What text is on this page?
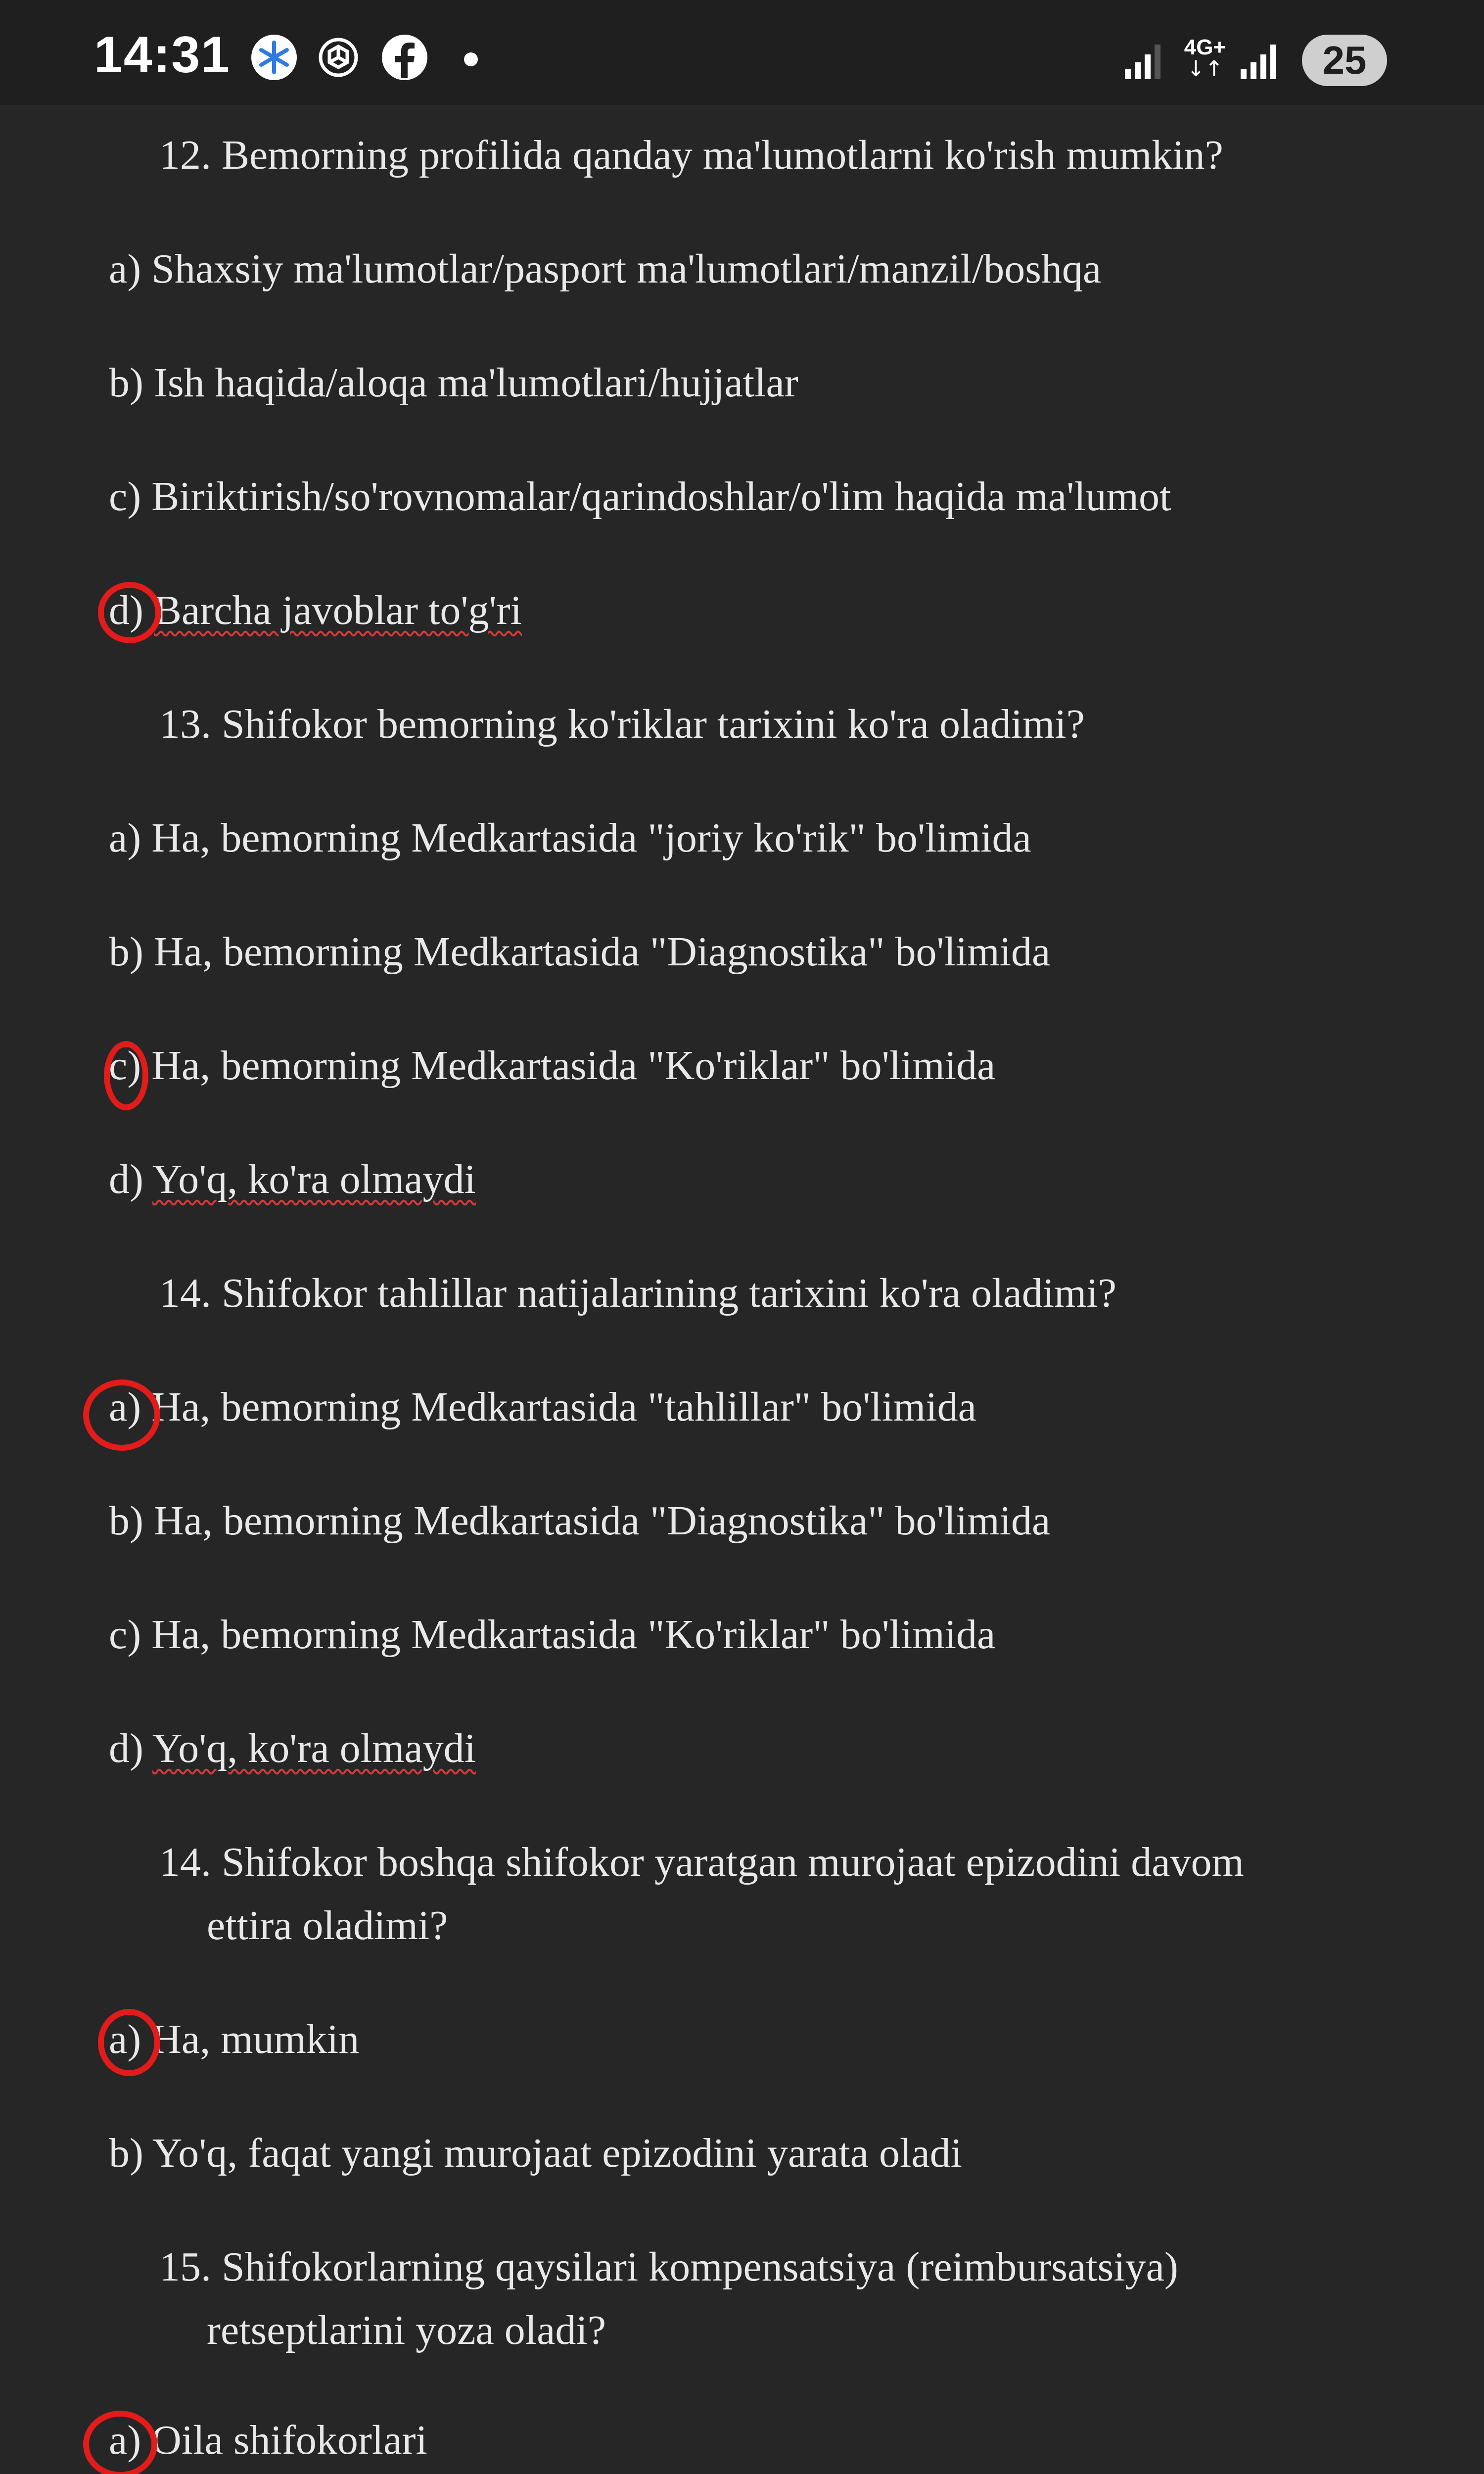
14:31	4G+
↓↑	25
12. Bemorning profilida qanday ma'lumotlarni ko'rish mumkin?
a) Shaxsiy ma'lumotlar/pasport ma'lumotlari/manzil/boshqa
b) Ish haqida/aloqa ma'lumotlari/hujjatlar
c) Biriktirish/so'rovnomalar/qarindoshlar/o'lim haqida ma'lumot
d) Barcha javoblar to'g'ri
13. Shifokor bemorning ko'riklar tarixini ko'ra oladimi?
a) Ha, bemorning Medkartasida "joriy ko'rik" bo'limida
b) Ha, bemorning Medkartasida "Diagnostika" bo'limida
c) Ha, bemorning Medkartasida "Ko'riklar" bo'limida
d) Yo'q, ko'ra olmaydi
14. Shifokor tahlillar natijalarining tarixini ko'ra oladimi?
a) Ha, bemorning Medkartasida "tahlillar" bo'limida
b) Ha, bemorning Medkartasida "Diagnostika" bo'limida
c) Ha, bemorning Medkartasida "Ko'riklar" bo'limida
d) Yo'q, ko'ra olmaydi
14. Shifokor boshqa shifokor yaratgan murojaat epizodini davom
ettira oladimi?
a) Ha, mumkin
b) Yo'q, faqat yangi murojaat epizodini yarata oladi
15. Shifokorlarning qaysilari kompensatsiya (reimbursatsiya)
retseptlarini yoza oladi?
a) Oila shifokorlari
